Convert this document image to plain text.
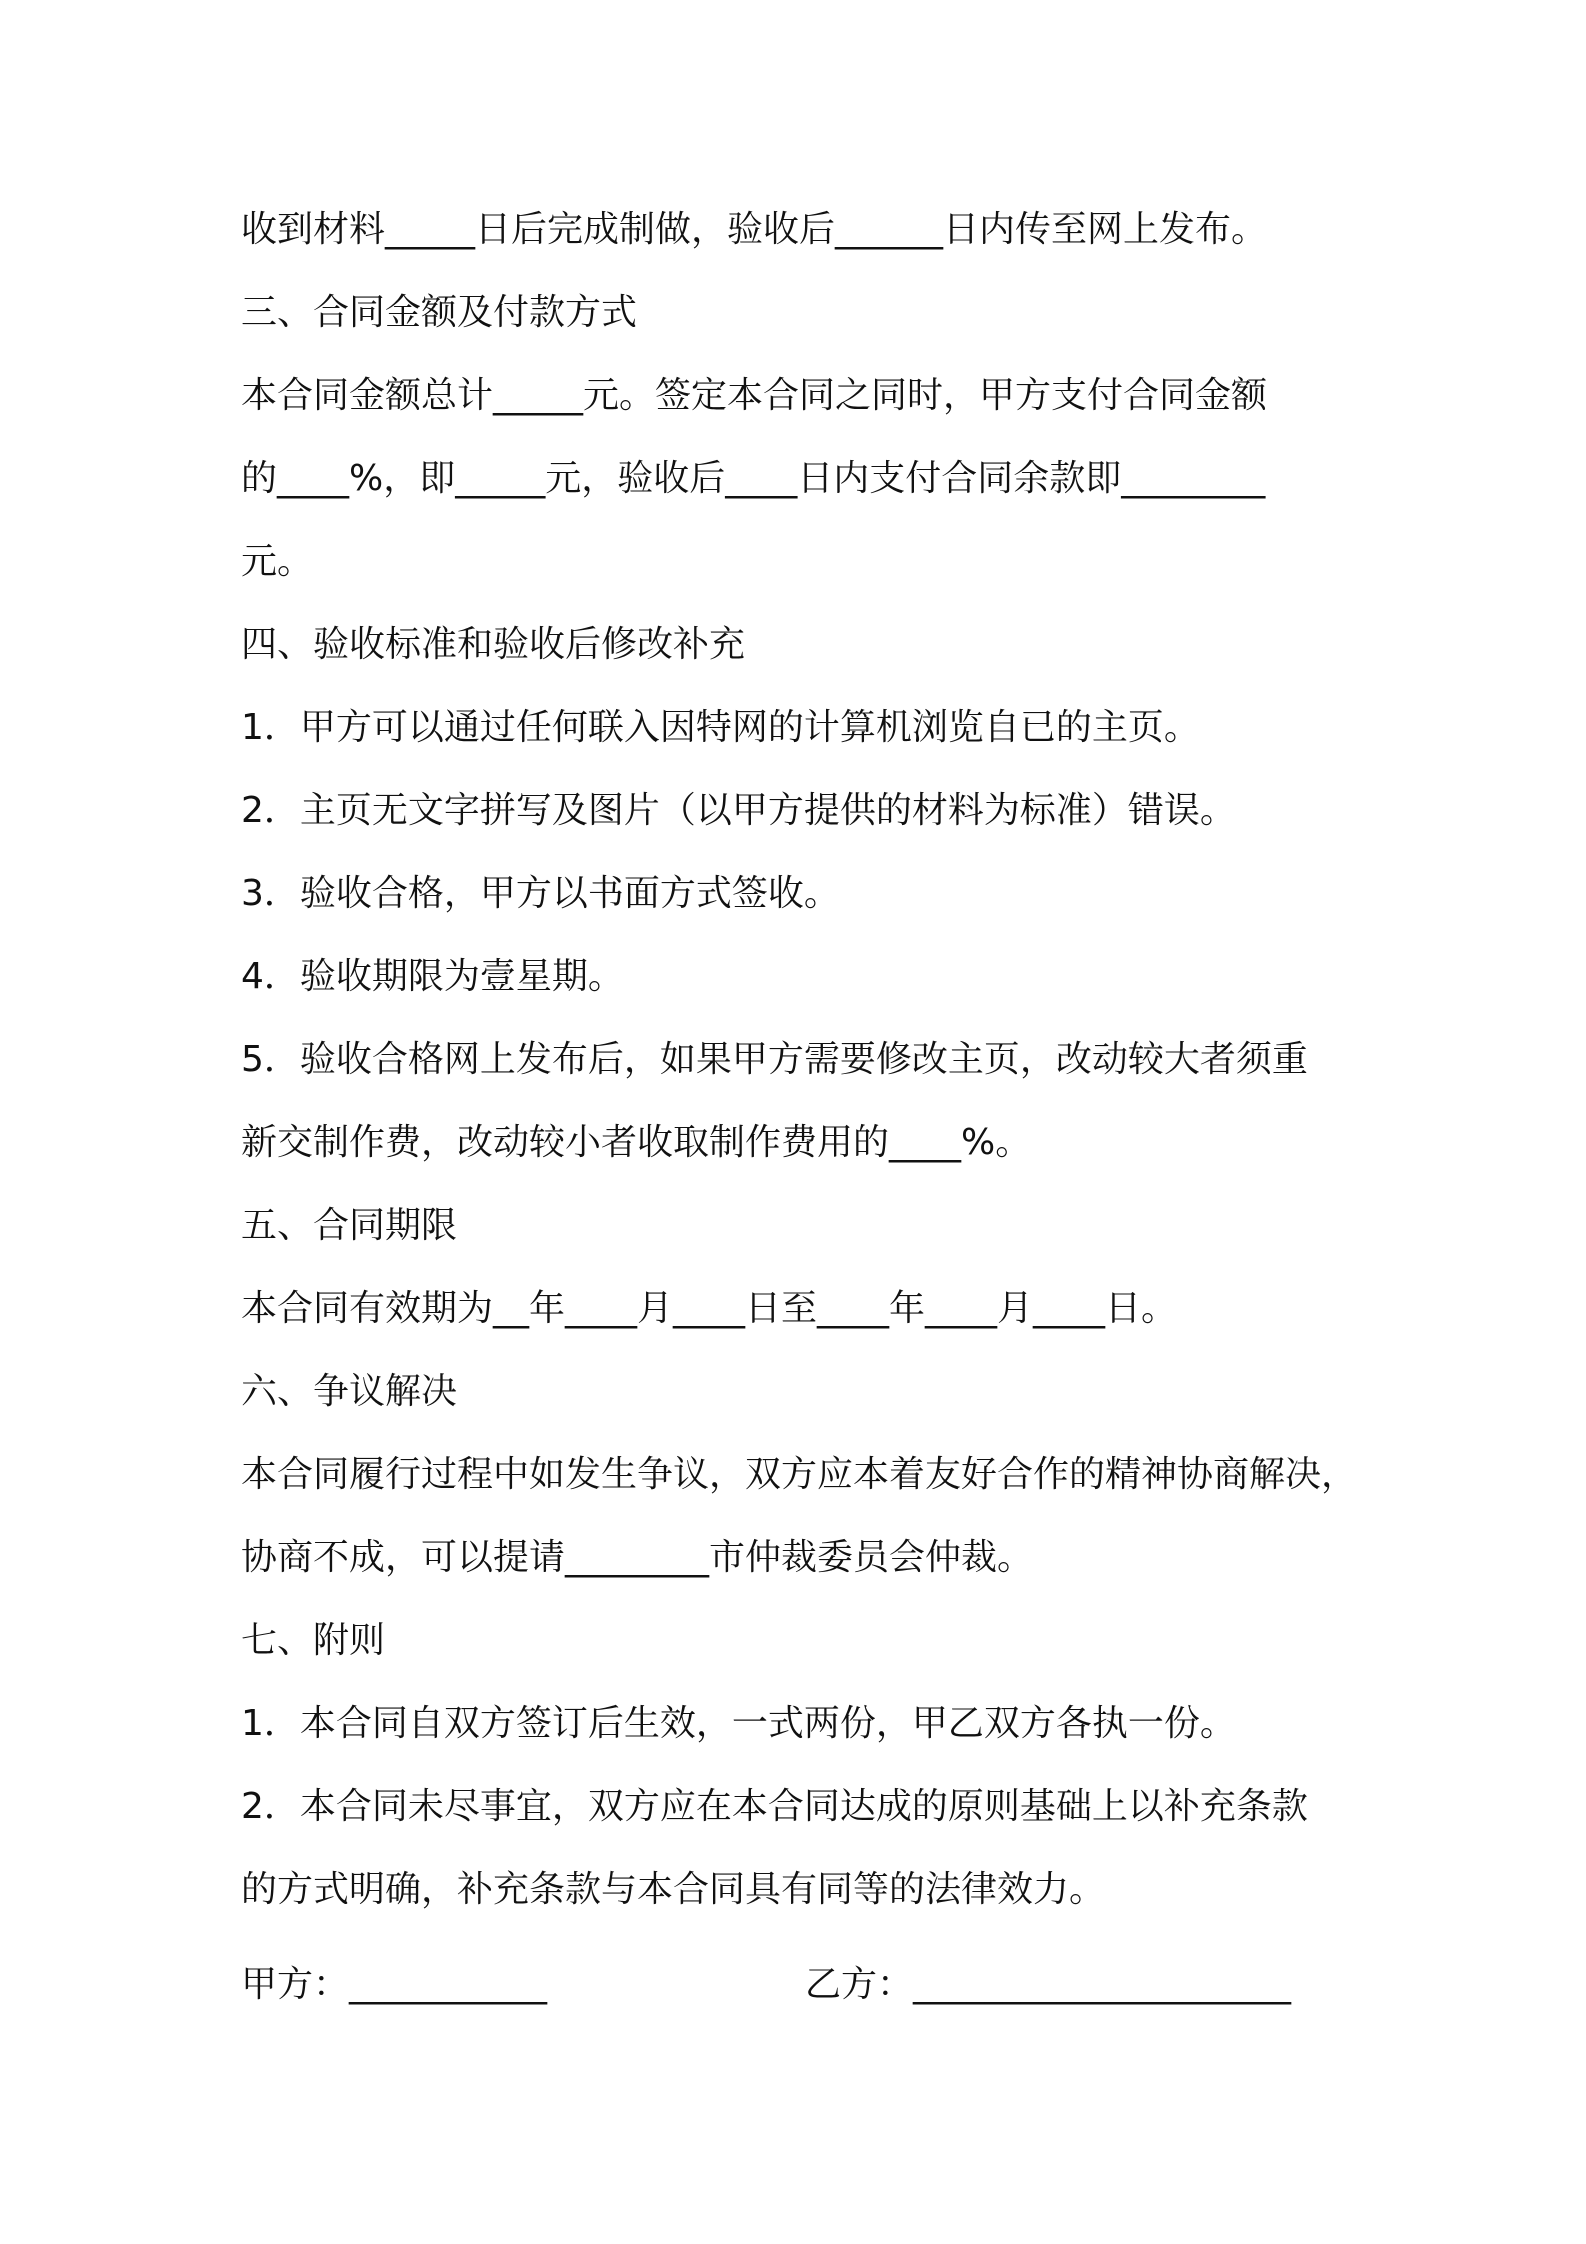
收到材料_____日后完成制做，验收后______日内传至网上发布。

三、合同金额及付款方式

本合同金额总计_____元。签定本合同之同时，甲方支付合同金额

的____%，即_____元，验收后____日内支付合同余款即________

元。

四、验收标准和验收后修改补充

1．甲方可以通过任何联入因特网的计算机浏览自已的主页。

2．主页无文字拼写及图片（以甲方提供的材料为标准）错误。

3．验收合格，甲方以书面方式签收。

4．验收期限为壹星期。

5．验收合格网上发布后，如果甲方需要修改主页，改动较大者须重

新交制作费，改动较小者收取制作费用的____%。

五、合同期限

本合同有效期为__年____月____日至____年____月____日。

六、争议解决

本合同履行过程中如发生争议，双方应本着友好合作的精神协商解决，

协商不成，可以提请________市仲裁委员会仲裁。

七、附则

1．本合同自双方签订后生效，一式两份，甲乙双方各执一份。

2．本合同未尽事宜，双方应在本合同达成的原则基础上以补充条款

的方式明确，补充条款与本合同具有同等的法律效力。

甲方：___________	乙方：_____________________
